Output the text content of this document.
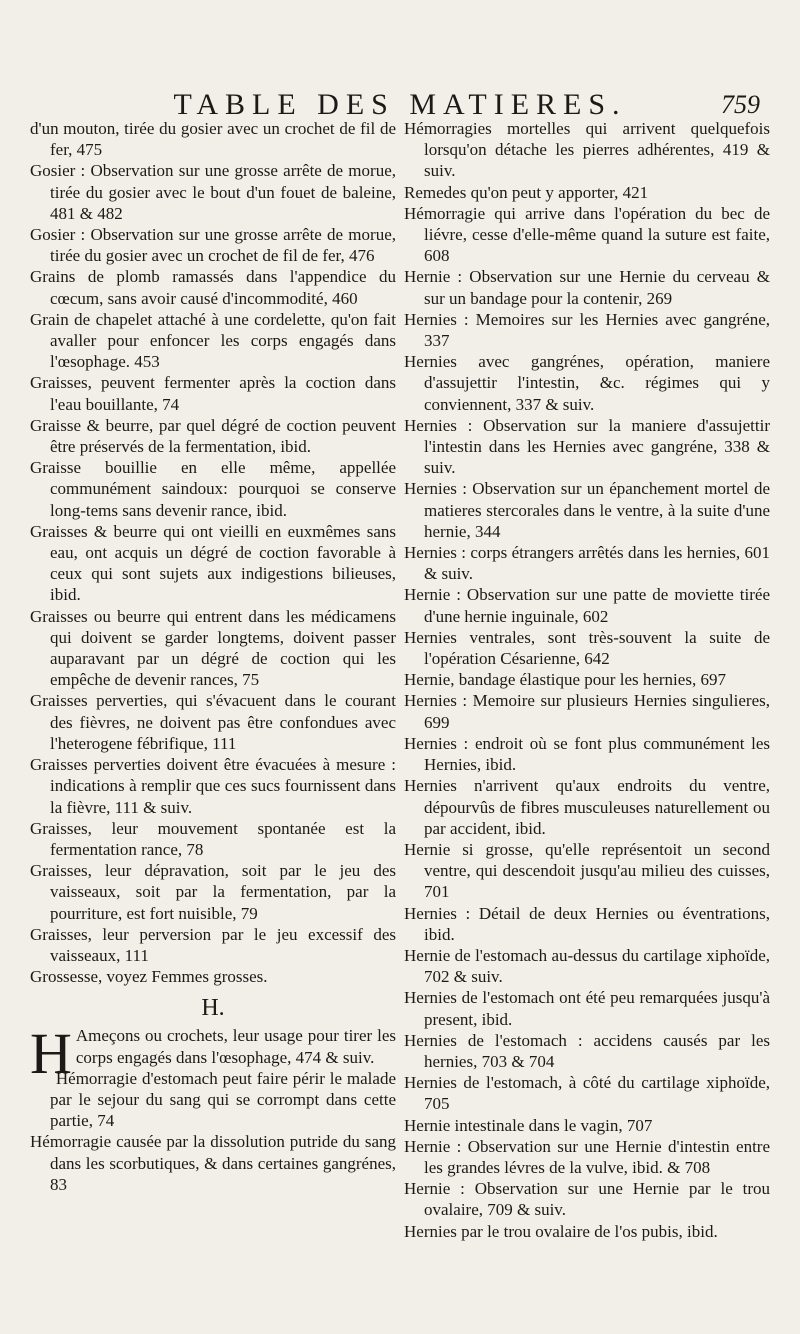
TABLE DES MATIERES.	759

d'un mouton, tirée du gosier avec un crochet de fil de fer, 475

Gosier : Observation sur une grosse arrête de morue, tirée du gosier avec le bout d'un fouet de baleine, 481 & 482

Gosier : Observation sur une grosse arrête de morue, tirée du gosier avec un crochet de fil de fer, 476

Grains de plomb ramassés dans l'appendice du cœcum, sans avoir causé d'incommodité, 460

Grain de chapelet attaché à une cordelette, qu'on fait avaller pour enfoncer les corps engagés dans l'œsophage. 453

Graisses, peuvent fermenter après la coction dans l'eau bouillante, 74

Graisse & beurre, par quel dégré de coction peuvent être préservés de la fermentation, ibid.

Graisse bouillie en elle même, appellée communément saindoux: pourquoi se conserve long-tems sans devenir rance, ibid.

Graisses & beurre qui ont vieilli en euxmêmes sans eau, ont acquis un dégré de coction favorable à ceux qui sont sujets aux indigestions bilieuses, ibid.

Graisses ou beurre qui entrent dans les médicamens qui doivent se garder longtems, doivent passer auparavant par un dégré de coction qui les empêche de devenir rances, 75

Graisses perverties, qui s'évacuent dans le courant des fièvres, ne doivent pas être confondues avec l'heterogene fébrifique, 111

Graisses perverties doivent être évacuées à mesure : indications à remplir que ces sucs fournissent dans la fièvre, 111 & suiv.

Graisses, leur mouvement spontanée est la fermentation rance, 78

Graisses, leur dépravation, soit par le jeu des vaisseaux, soit par la fermentation, par la pourriture, est fort nuisible, 79

Graisses, leur perversion par le jeu excessif des vaisseaux, 111

Grossesse, voyez Femmes grosses.

H.

H Ameçons ou crochets, leur usage pour tirer les corps engagés dans l'œsophage, 474 & suiv.

Hémorragie d'estomach peut faire périr le malade par le sejour du sang qui se corrompt dans cette partie, 74

Hémorragie causée par la dissolution putride du sang dans les scorbutiques, & dans certaines gangrénes, 83

Hémorragies mortelles qui arrivent quelquefois lorsqu'on détache les pierres adhérentes, 419 & suiv.

Remedes qu'on peut y apporter, 421

Hémorragie qui arrive dans l'opération du bec de liévre, cesse d'elle-même quand la suture est faite, 608

Hernie : Observation sur une Hernie du cerveau & sur un bandage pour la contenir, 269

Hernies : Memoires sur les Hernies avec gangréne, 337

Hernies avec gangrénes, opération, maniere d'assujettir l'intestin, &c. régimes qui y conviennent, 337 & suiv.

Hernies : Observation sur la maniere d'assujettir l'intestin dans les Hernies avec gangréne, 338 & suiv.

Hernies : Observation sur un épanchement mortel de matieres stercorales dans le ventre, à la suite d'une hernie, 344

Hernies : corps étrangers arrêtés dans les hernies, 601 & suiv.

Hernie : Observation sur une patte de moviette tirée d'une hernie inguinale, 602

Hernies ventrales, sont très-souvent la suite de l'opération Césarienne, 642

Hernie, bandage élastique pour les hernies, 697

Hernies : Memoire sur plusieurs Hernies singulieres, 699

Hernies : endroit où se font plus communément les Hernies, ibid.

Hernies n'arrivent qu'aux endroits du ventre, dépourvûs de fibres musculeuses naturellement ou par accident, ibid.

Hernie si grosse, qu'elle représentoit un second ventre, qui descendoit jusqu'au milieu des cuisses, 701

Hernies : Détail de deux Hernies ou éventrations, ibid.

Hernie de l'estomach au-dessus du cartilage xiphoïde, 702 & suiv.

Hernies de l'estomach ont été peu remarquées jusqu'à present, ibid.

Hernies de l'estomach : accidens causés par les hernies, 703 & 704

Hernies de l'estomach, à côté du cartilage xiphoïde, 705

Hernie intestinale dans le vagin, 707

Hernie : Observation sur une Hernie d'intestin entre les grandes lévres de la vulve, ibid. & 708

Hernie : Observation sur une Hernie par le trou ovalaire, 709 & suiv.

Hernies par le trou ovalaire de l'os pubis, ibid.
